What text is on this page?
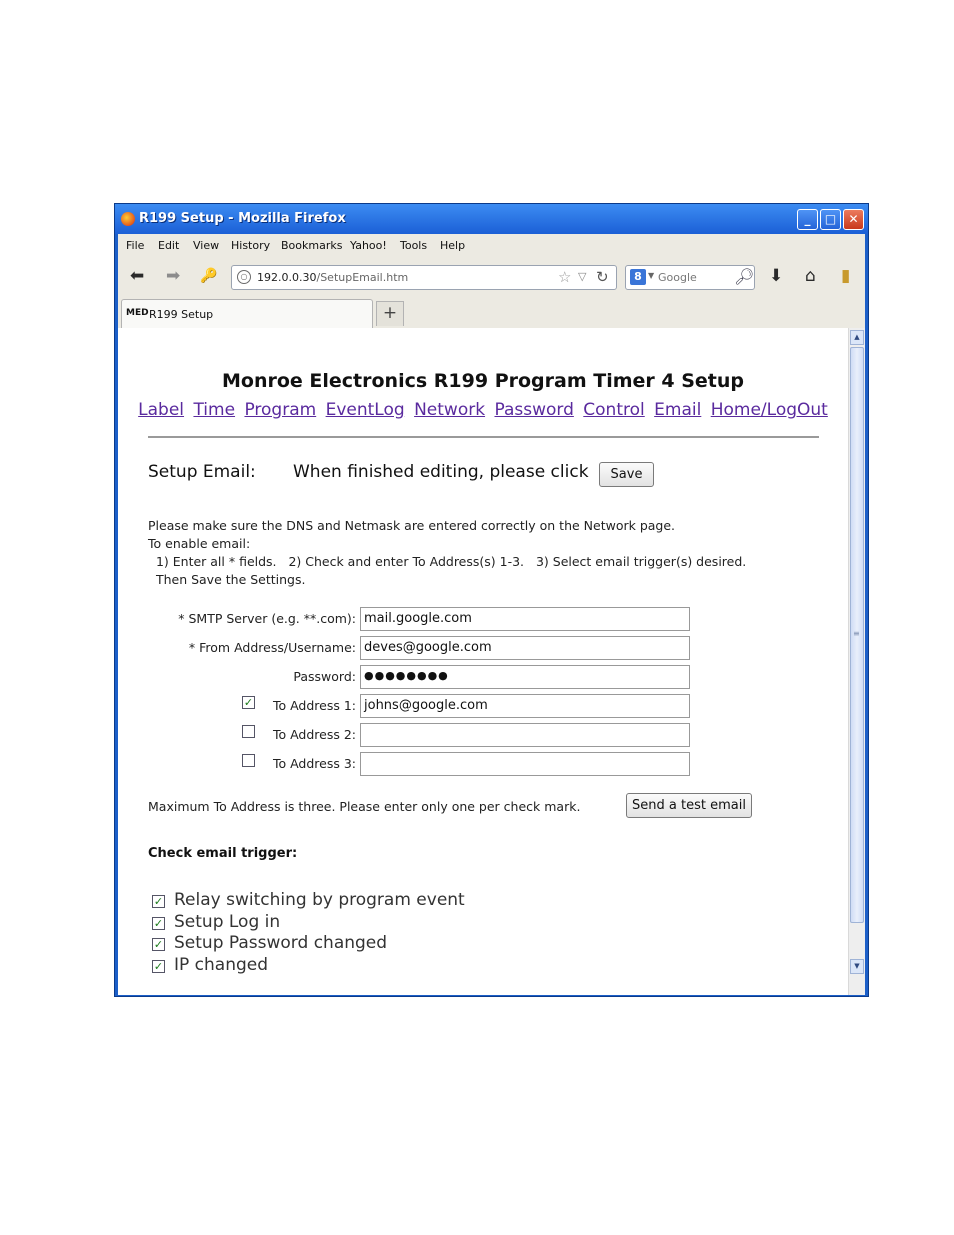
R199 Setup - Mozilla Firefox	_	□	✕
File Edit View History Bookmarks Yahoo! Tools Help
⬅ ➡ 🔑	○ 192.0.0.30/SetupEmail.htm	☆ ▽ ↻	8 ▼ Google 🔎︎ ⬇ ⌂ ▮
MED R199 Setup	+
Monroe Electronics R199 Program Timer 4 Setup
Label Time Program EventLog Network Password Control Email Home/LogOut
Setup Email: When finished editing, please click	Save
Please make sure the DNS and Netmask are entered correctly on the Network page.
To enable email:
1) Enter all * fields.   2) Check and enter To Address(s) 1-3.   3) Select email trigger(s) desired.
Then Save the Settings.
* SMTP Server (e.g. **.com): mail.google.com
* From Address/Username: deves@google.com
Password: ●●●●●●●●
✓ To Address 1: johns@google.com
To Address 2:
To Address 3:
Maximum To Address is three. Please enter only one per check mark.	Send a test email
Check email trigger:
✓ Relay switching by program event
✓ Setup Log in
✓ Setup Password changed
✓ IP changed
▲
≡
▼
